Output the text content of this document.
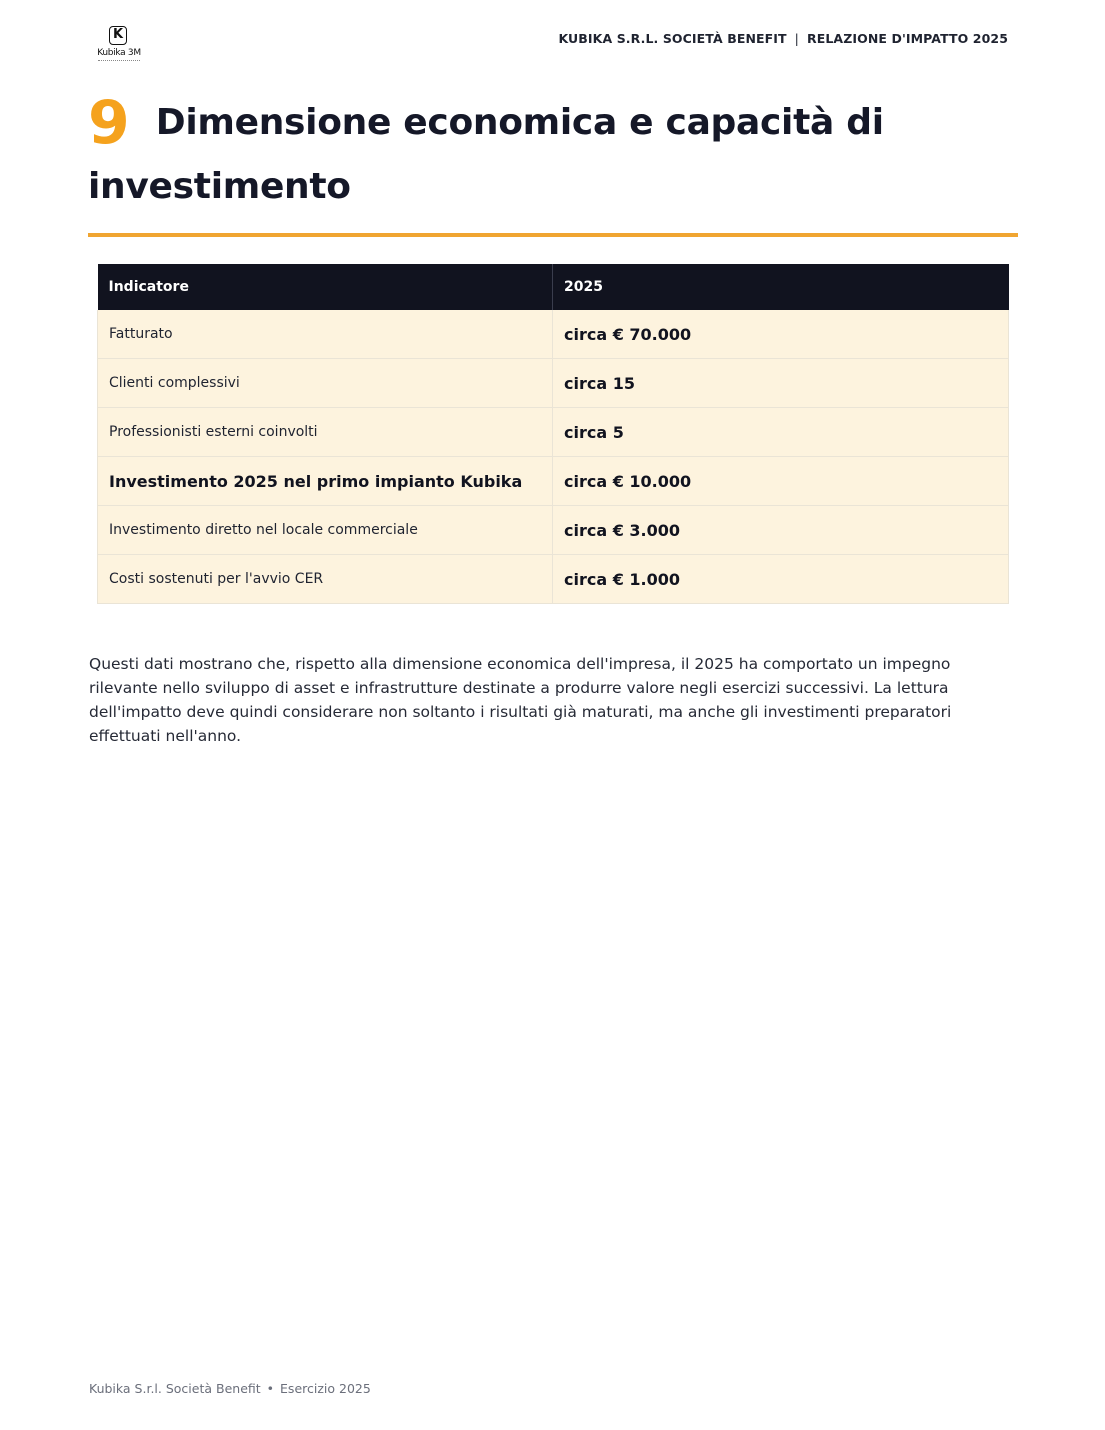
K
Kubika 3M
KUBIKA S.R.L. SOCIETÀ BENEFIT | RELAZIONE D'IMPATTO 2025
9 Dimensione economica e capacità di investimento
Indicatore	2025
Fatturato	circa € 70.000
Clienti complessivi	circa 15
Professionisti esterni coinvolti	circa 5
Investimento 2025 nel primo impianto Kubika	circa € 10.000
Investimento diretto nel locale commerciale	circa € 3.000
Costi sostenuti per l'avvio CER	circa € 1.000

Questi dati mostrano che, rispetto alla dimensione economica dell'impresa, il 2025 ha comportato un impegno rilevante nello sviluppo di asset e infrastrutture destinate a produrre valore negli esercizi successivi. La lettura dell'impatto deve quindi considerare non soltanto i risultati già maturati, ma anche gli investimenti preparatori effettuati nell'anno.

Kubika S.r.l. Società Benefit • Esercizio 2025
